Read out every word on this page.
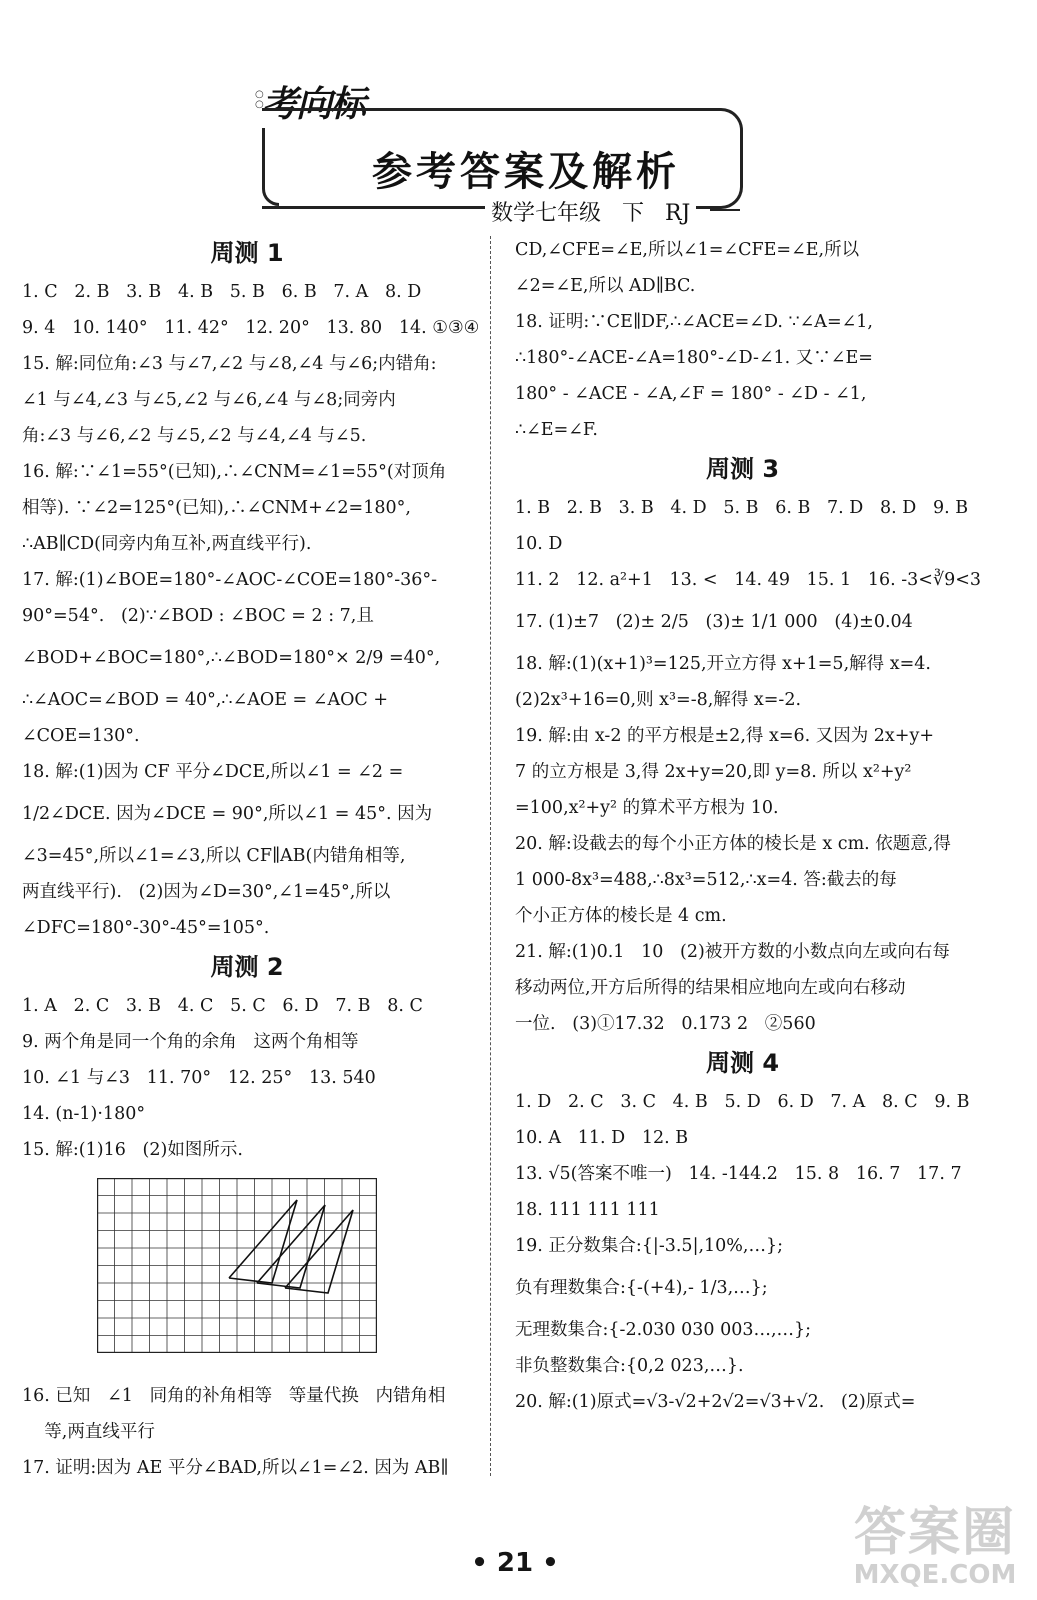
○
○
考向标
参考答案及解析
数学七年级   下   RJ
周测 1
1. C   2. B   3. B   4. B   5. B   6. B   7. A   8. D
9. 4   10. 140°   11. 42°   12. 20°   13. 80   14. ①③④
15. 解:同位角:∠3 与∠7,∠2 与∠8,∠4 与∠6;内错角:
∠1 与∠4,∠3 与∠5,∠2 与∠6,∠4 与∠8;同旁内
角:∠3 与∠6,∠2 与∠5,∠2 与∠4,∠4 与∠5.
16. 解:∵∠1=55°(已知),∴∠CNM=∠1=55°(对顶角
相等). ∵∠2=125°(已知),∴∠CNM+∠2=180°,
∴AB∥CD(同旁内角互补,两直线平行).
17. 解:(1)∠BOE=180°-∠AOC-∠COE=180°-36°-
90°=54°.   (2)∵∠BOD : ∠BOC = 2 : 7,且
∠BOD+∠BOC=180°,∴∠BOD=180°× 2/9 =40°,
∴∠AOC=∠BOD = 40°,∴∠AOE = ∠AOC +
∠COE=130°.
18. 解:(1)因为 CF 平分∠DCE,所以∠1 = ∠2 =
1/2∠DCE. 因为∠DCE = 90°,所以∠1 = 45°. 因为
∠3=45°,所以∠1=∠3,所以 CF∥AB(内错角相等,
两直线平行).   (2)因为∠D=30°,∠1=45°,所以
∠DFC=180°-30°-45°=105°.
周测 2
1. A   2. C   3. B   4. C   5. C   6. D   7. B   8. C
9. 两个角是同一个角的余角   这两个角相等
10. ∠1 与∠3   11. 70°   12. 25°   13. 540
14. (n-1)·180°
15. 解:(1)16   (2)如图所示.
16. 已知   ∠1   同角的补角相等   等量代换   内错角相
等,两直线平行
17. 证明:因为 AE 平分∠BAD,所以∠1=∠2. 因为 AB∥
CD,∠CFE=∠E,所以∠1=∠CFE=∠E,所以
∠2=∠E,所以 AD∥BC.
18. 证明:∵CE∥DF,∴∠ACE=∠D. ∵∠A=∠1,
∴180°-∠ACE-∠A=180°-∠D-∠1. 又∵∠E=
180° - ∠ACE - ∠A,∠F = 180° - ∠D - ∠1,
∴∠E=∠F.
周测 3
1. B   2. B   3. B   4. D   5. B   6. B   7. D   8. D   9. B
10. D
11. 2   12. a²+1   13. <   14. 49   15. 1   16. -3<∛9<3
17. (1)±7   (2)± 2/5   (3)± 1/1 000   (4)±0.04
18. 解:(1)(x+1)³=125,开立方得 x+1=5,解得 x=4.
(2)2x³+16=0,则 x³=-8,解得 x=-2.
19. 解:由 x-2 的平方根是±2,得 x=6. 又因为 2x+y+
7 的立方根是 3,得 2x+y=20,即 y=8. 所以 x²+y²
=100,x²+y² 的算术平方根为 10.
20. 解:设截去的每个小正方体的棱长是 x cm. 依题意,得
1 000-8x³=488,∴8x³=512,∴x=4. 答:截去的每
个小正方体的棱长是 4 cm.
21. 解:(1)0.1   10   (2)被开方数的小数点向左或向右每
移动两位,开方后所得的结果相应地向左或向右移动
一位.   (3)①17.32   0.173 2   ②560
周测 4
1. D   2. C   3. C   4. B   5. D   6. D   7. A   8. C   9. B
10. A   11. D   12. B
13. √5(答案不唯一)   14. -144.2   15. 8   16. 7   17. 7
18. 111 111 111
19. 正分数集合:{|-3.5|,10%,…};
负有理数集合:{-(+4),- 1/3,…};
无理数集合:{-2.030 030 003…,…};
非负整数集合:{0,2 023,…}.
20. 解:(1)原式=√3-√2+2√2=√3+√2.   (2)原式=
• 21 •	答案圈
MXQE.COM
